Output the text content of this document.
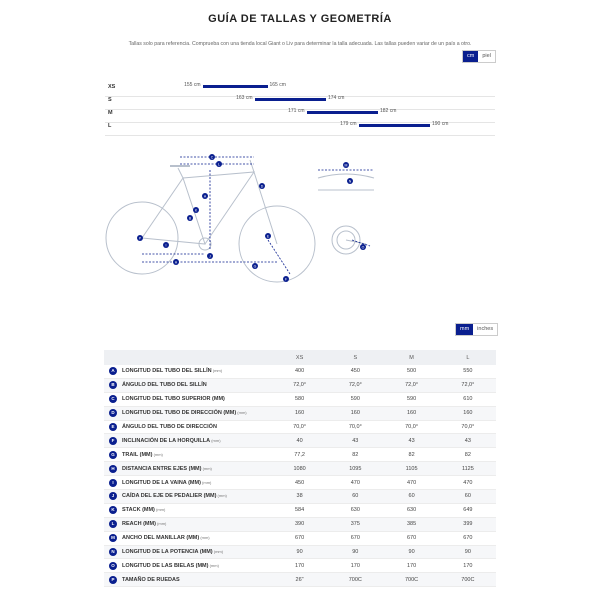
GUÍA DE TALLAS Y GEOMETRÍA
Tallas solo para referencia. Comprueba con una tienda local Giant o Liv para determinar la talla adecuada. Las tallas pueden variar de un país a otro.
cm	piel
XS	155 cm	165 cm
S	163 cm	174 cm
M	171 cm	182 cm
L	179 cm	190 cm
A
B
C
D
E
F
G
H
I
J
K
L	M
N
O
P
mm	inches
		XS	S	M	L
A	LONGITUD DEL TUBO DEL SILLÍN (mm)	400	450	500	550
B	ÁNGULO DEL TUBO DEL SILLÍN	72,0°	72,0°	72,0°	72,0°
C	LONGITUD DEL TUBO SUPERIOR (MM)	580	590	590	610
D	LONGITUD DEL TUBO DE DIRECCIÓN (MM) (mm)	160	160	160	160
E	ÁNGULO DEL TUBO DE DIRECCIÓN	70,0°	70,0°	70,0°	70,0°
F	INCLINACIÓN DE LA HORQUILLA (mm)	40	43	43	43
G	TRAIL (MM) (mm)	77,2	82	82	82
H	DISTANCIA ENTRE EJES (MM) (mm)	1080	1095	1105	1125
I	LONGITUD DE LA VAINA (MM) (mm)	450	470	470	470
J	CAÍDA DEL EJE DE PEDALIER (MM) (mm)	38	60	60	60
K	STACK (MM) (mm)	584	630	630	649
L	REACH (MM) (mm)	390	375	385	399
M	ANCHO DEL MANILLAR (MM) (mm)	670	670	670	670
N	LONGITUD DE LA POTENCIA (MM) (mm)	90	90	90	90
O	LONGITUD DE LAS BIELAS (MM) (mm)	170	170	170	170
P	TAMAÑO DE RUEDAS	26"	700C	700C	700C
